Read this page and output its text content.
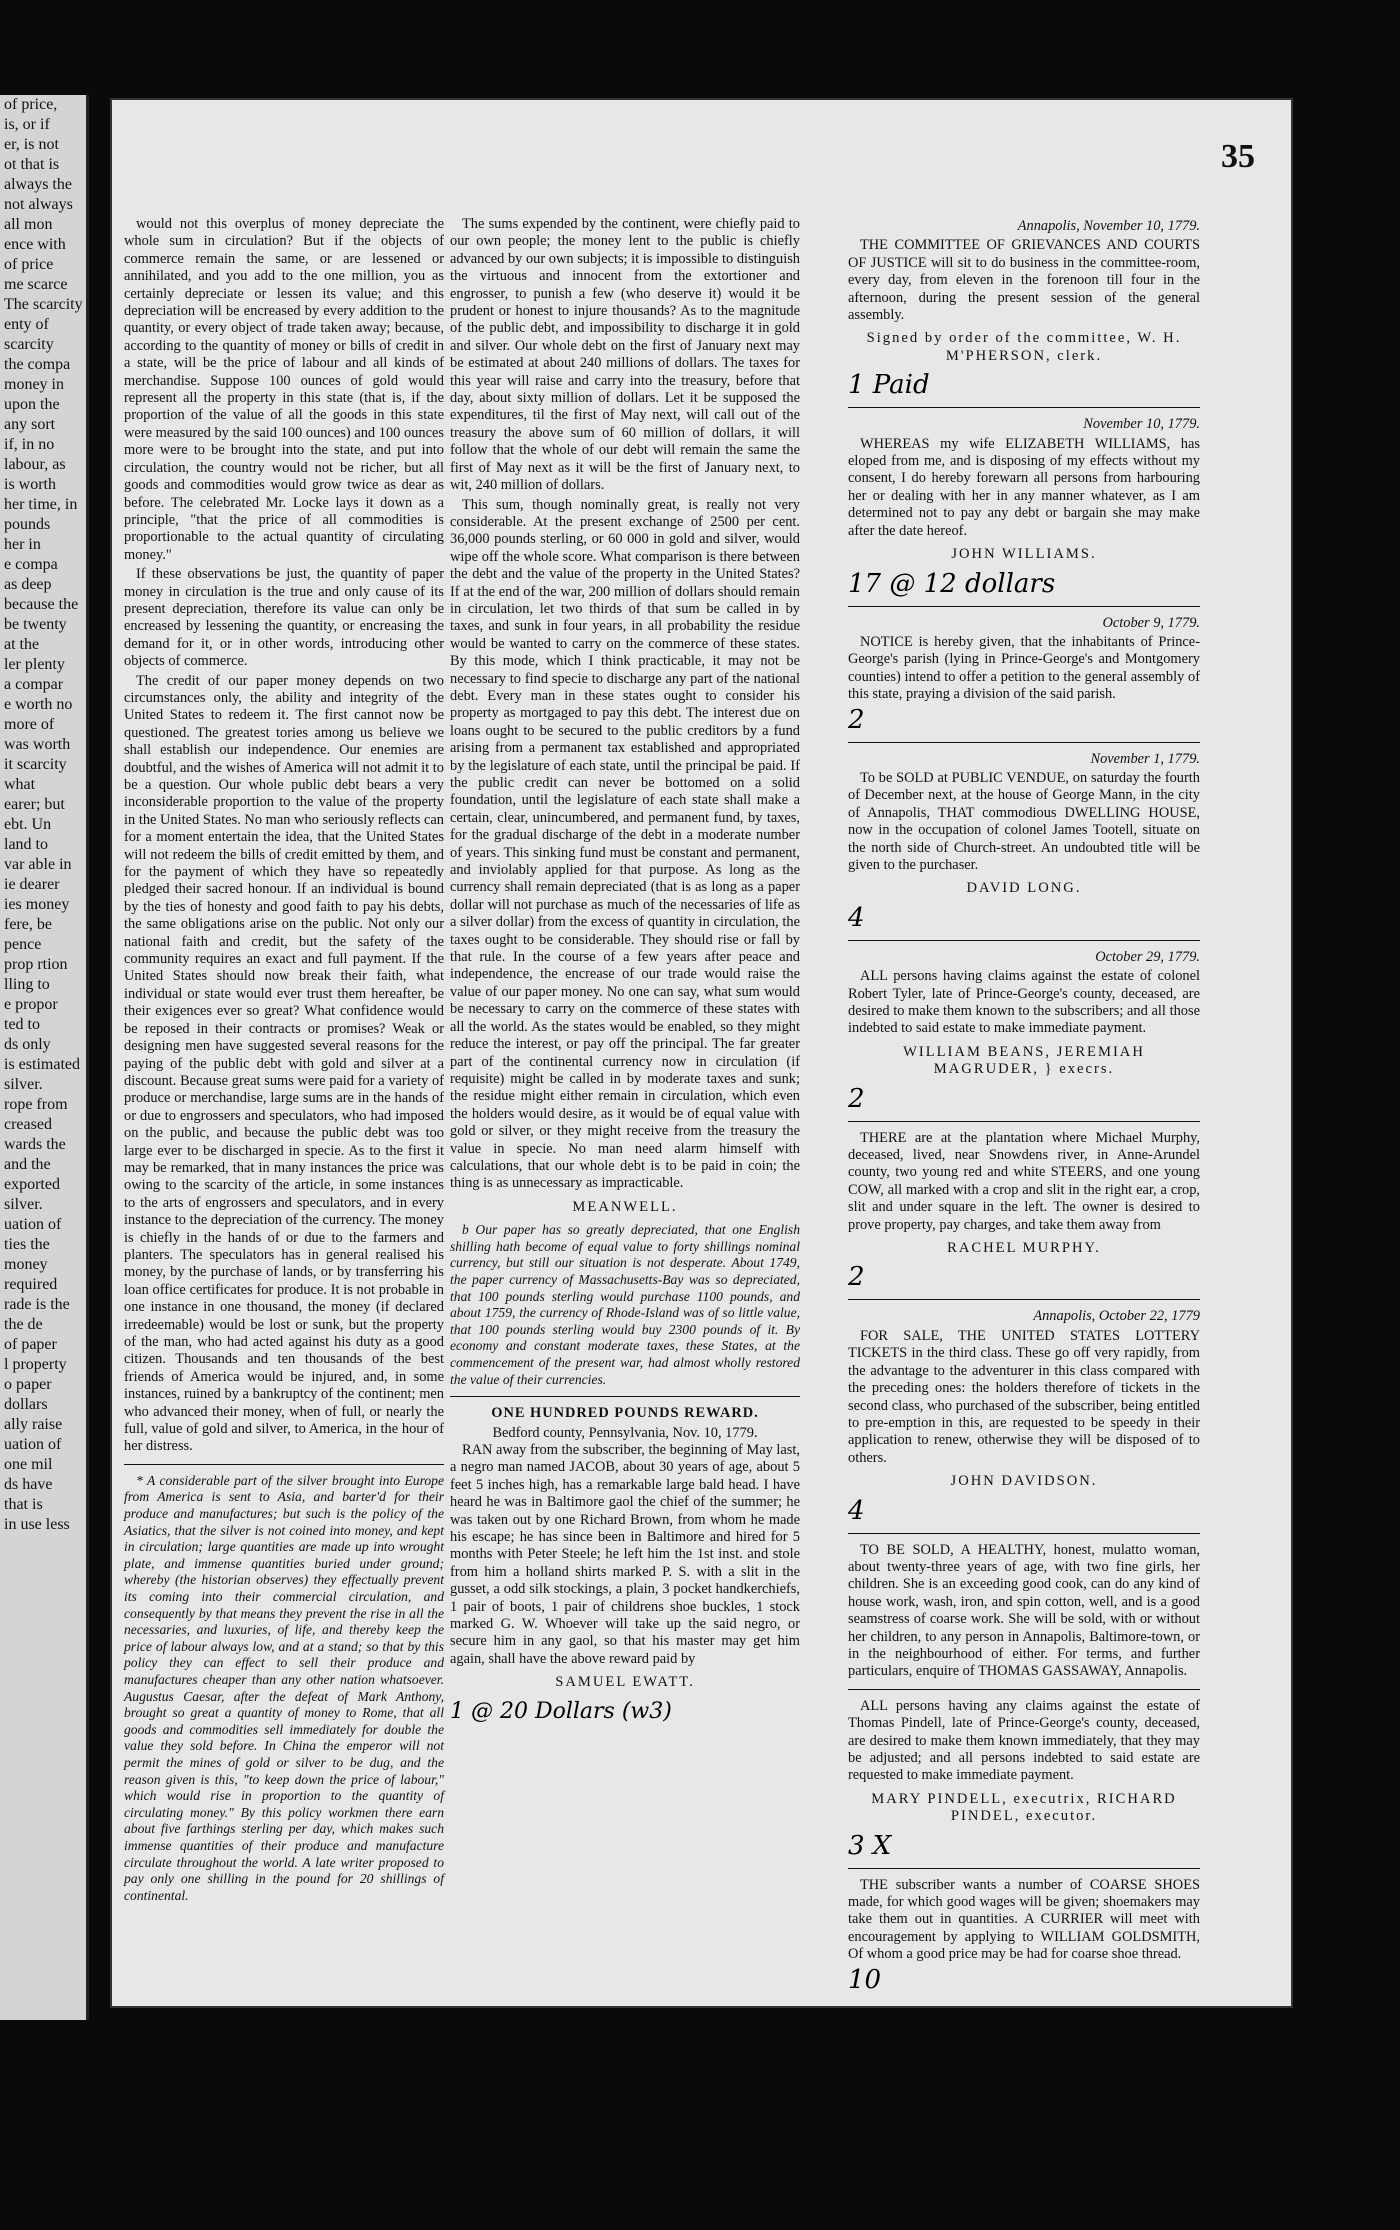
of price,
is, or if
er, is not
ot that is
always the
not always
all mon
ence with
of price
me scarce
The scarcity
enty of
scarcity
the compa
money in
upon the
any sort
if, in no
labour, as
is worth
her time, in
pounds
her in
e compa
as deep
because the
be twenty
at the
ler plenty
a compar
e worth no
more of
was worth
it scarcity
what
earer; but
ebt. Un
land to
var able in
ie dearer
ies money
fere, be
pence
prop rtion
lling to
e propor
ted to
ds only
is estimated
silver.
rope from
creased
wards the
and the
exported
silver.
uation of
ties the
money
required
rade is the
the de
of paper
l property
o paper
dollars
ally raise
uation of
one mil
ds have
that is
in use less
35

would not this overplus of money depreciate the whole sum in circulation? But if the objects of commerce remain the same, or are lessened or annihilated, and you add to the one million, you as certainly depreciate or lessen its value; and this depreciation will be encreased by every addition to the quantity, or every object of trade taken away; because, according to the quantity of money or bills of credit in a state, will be the price of labour and all kinds of merchandise. Suppose 100 ounces of gold would represent all the property in this state (that is, if the proportion of the value of all the goods in this state were measured by the said 100 ounces) and 100 ounces more were to be brought into the state, and put into circulation, the country would not be richer, but all goods and commodities would grow twice as dear as before. The celebrated Mr. Locke lays it down as a principle, "that the price of all commodities is proportionable to the actual quantity of circulating money."

If these observations be just, the quantity of paper money in circulation is the true and only cause of its present depreciation, therefore its value can only be encreased by lessening the quantity, or encreasing the demand for it, or in other words, introducing other objects of commerce.

The credit of our paper money depends on two circumstances only, the ability and integrity of the United States to redeem it. The first cannot now be questioned. The greatest tories among us believe we shall establish our independence. Our enemies are doubtful, and the wishes of America will not admit it to be a question. Our whole public debt bears a very inconsiderable proportion to the value of the property in the United States. No man who seriously reflects can for a moment entertain the idea, that the United States will not redeem the bills of credit emitted by them, and for the payment of which they have so repeatedly pledged their sacred honour. If an individual is bound by the ties of honesty and good faith to pay his debts, the same obligations arise on the public. Not only our national faith and credit, but the safety of the community requires an exact and full payment. If the United States should now break their faith, what individual or state would ever trust them hereafter, be their exigences ever so great? What confidence would be reposed in their contracts or promises? Weak or designing men have suggested several reasons for the paying of the public debt with gold and silver at a discount. Because great sums were paid for a variety of produce or merchandise, large sums are in the hands of or due to engrossers and speculators, who had imposed on the public, and because the public debt was too large ever to be discharged in specie. As to the first it may be remarked, that in many instances the price was owing to the scarcity of the article, in some instances to the arts of engrossers and speculators, and in every instance to the depreciation of the currency. The money is chiefly in the hands of or due to the farmers and planters. The speculators has in general realised his money, by the purchase of lands, or by transferring his loan office certificates for produce. It is not probable in one instance in one thousand, the money (if declared irredeemable) would be lost or sunk, but the property of the man, who had acted against his duty as a good citizen. Thousands and ten thousands of the best friends of America would be injured, and, in some instances, ruined by a bankruptcy of the continent; men who advanced their money, when of full, or nearly the full, value of gold and silver, to America, in the hour of her distress.

* A considerable part of the silver brought into Europe from America is sent to Asia, and barter'd for their produce and manufactures; but such is the policy of the Asiatics, that the silver is not coined into money, and kept in circulation; large quantities are made up into wrought plate, and immense quantities buried under ground; whereby (the historian observes) they effectually prevent its coming into their commercial circulation, and consequently by that means they prevent the rise in all the necessaries, and luxuries, of life, and thereby keep the price of labour always low, and at a stand; so that by this policy they can effect to sell their produce and manufactures cheaper than any other nation whatsoever. Augustus Caesar, after the defeat of Mark Anthony, brought so great a quantity of money to Rome, that all goods and commodities sell immediately for double the value they sold before. In China the emperor will not permit the mines of gold or silver to be dug, and the reason given is this, "to keep down the price of labour," which would rise in proportion to the quantity of circulating money." By this policy workmen there earn about five farthings sterling per day, which makes such immense quantities of their produce and manufacture circulate throughout the world. A late writer proposed to pay only one shilling in the pound for 20 shillings of continental.

The sums expended by the continent, were chiefly paid to our own people; the money lent to the public is chiefly advanced by our own subjects; it is impossible to distinguish the virtuous and innocent from the extortioner and engrosser, to punish a few (who deserve it) would it be prudent or honest to injure thousands? As to the magnitude of the public debt, and impossibility to discharge it in gold and silver. Our whole debt on the first of January next may be estimated at about 240 millions of dollars. The taxes for this year will raise and carry into the treasury, before that day, about sixty million of dollars. Let it be supposed the expenditures, til the first of May next, will call out of the treasury the above sum of 60 million of dollars, it will follow that the whole of our debt will remain the same the first of May next as it will be the first of January next, to wit, 240 million of dollars.

This sum, though nominally great, is really not very considerable. At the present exchange of 2500 per cent. 36,000 pounds sterling, or 60 000 in gold and silver, would wipe off the whole score. What comparison is there between the debt and the value of the property in the United States? If at the end of the war, 200 million of dollars should remain in circulation, let two thirds of that sum be called in by taxes, and sunk in four years, in all probability the residue would be wanted to carry on the commerce of these states. By this mode, which I think practicable, it may not be necessary to find specie to discharge any part of the national debt. Every man in these states ought to consider his property as mortgaged to pay this debt. The interest due on loans ought to be secured to the public creditors by a fund arising from a permanent tax established and appropriated by the legislature of each state, until the principal be paid. If the public credit can never be bottomed on a solid foundation, until the legislature of each state shall make a certain, clear, unincumbered, and permanent fund, by taxes, for the gradual discharge of the debt in a moderate number of years. This sinking fund must be constant and permanent, and inviolably applied for that purpose. As long as the currency shall remain depreciated (that is as long as a paper dollar will not purchase as much of the necessaries of life as a silver dollar) from the excess of quantity in circulation, the taxes ought to be considerable. They should rise or fall by that rule. In the course of a few years after peace and independence, the encrease of our trade would raise the value of our paper money. No one can say, what sum would be necessary to carry on the commerce of these states with all the world. As the states would be enabled, so they might reduce the interest, or pay off the principal. The far greater part of the continental currency now in circulation (if requisite) might be called in by moderate taxes and sunk; the residue might either remain in circulation, which even the holders would desire, as it would be of equal value with gold or silver, or they might receive from the treasury the value in specie. No man need alarm himself with calculations, that our whole debt is to be paid in coin; the thing is as unnecessary as impracticable.

MEANWELL.

b Our paper has so greatly depreciated, that one English shilling hath become of equal value to forty shillings nominal currency, but still our situation is not desperate. About 1749, the paper currency of Massachusetts-Bay was so depreciated, that 100 pounds sterling would purchase 1100 pounds, and about 1759, the currency of Rhode-Island was of so little value, that 100 pounds sterling would buy 2300 pounds of it. By economy and constant moderate taxes, these States, at the commencement of the present war, had almost wholly restored the value of their currencies.

ONE HUNDRED POUNDS REWARD.
Bedford county, Pennsylvania, Nov. 10, 1779.

RAN away from the subscriber, the beginning of May last, a negro man named JACOB, about 30 years of age, about 5 feet 5 inches high, has a remarkable large bald head. I have heard he was in Baltimore gaol the chief of the summer; he was taken out by one Richard Brown, from whom he made his escape; he has since been in Baltimore and hired for 5 months with Peter Steele; he left him the 1st inst. and stole from him a holland shirts marked P. S. with a slit in the gusset, a odd silk stockings, a plain, 3 pocket handkerchiefs, 1 pair of boots, 1 pair of childrens shoe buckles, 1 stock marked G. W. Whoever will take up the said negro, or secure him in any gaol, so that his master may get him again, shall have the above reward paid by

SAMUEL EWATT.
1 @ 20 Dollars (w3)
Annapolis, November 10, 1779.

THE COMMITTEE OF GRIEVANCES AND COURTS OF JUSTICE will sit to do business in the committee-room, every day, from eleven in the forenoon till four in the afternoon, during the present session of the general assembly.

Signed by order of the committee, W. H. M'PHERSON, clerk.
1 Paid
November 10, 1779.

WHEREAS my wife ELIZABETH WILLIAMS, has eloped from me, and is disposing of my effects without my consent, I do hereby forewarn all persons from harbouring her or dealing with her in any manner whatever, as I am determined not to pay any debt or bargain she may make after the date hereof.

JOHN WILLIAMS.
17 @ 12 dollars
October 9, 1779.

NOTICE is hereby given, that the inhabitants of Prince-George's parish (lying in Prince-George's and Montgomery counties) intend to offer a petition to the general assembly of this state, praying a division of the said parish.

2
November 1, 1779.

To be SOLD at PUBLIC VENDUE, on saturday the fourth of December next, at the house of George Mann, in the city of Annapolis, THAT commodious DWELLING HOUSE, now in the occupation of colonel James Tootell, situate on the north side of Church-street. An undoubted title will be given to the purchaser.

DAVID LONG.
4
October 29, 1779.

ALL persons having claims against the estate of colonel Robert Tyler, late of Prince-George's county, deceased, are desired to make them known to the subscribers; and all those indebted to said estate to make immediate payment.

WILLIAM BEANS, JEREMIAH MAGRUDER, } execrs.
2

THERE are at the plantation where Michael Murphy, deceased, lived, near Snowdens river, in Anne-Arundel county, two young red and white STEERS, and one young COW, all marked with a crop and slit in the right ear, a crop, slit and under square in the left. The owner is desired to prove property, pay charges, and take them away from

RACHEL MURPHY.
2
Annapolis, October 22, 1779

FOR SALE, THE UNITED STATES LOTTERY TICKETS in the third class. These go off very rapidly, from the advantage to the adventurer in this class compared with the preceding ones: the holders therefore of tickets in the second class, who purchased of the subscriber, being entitled to pre-emption in this, are requested to be speedy in their application to renew, otherwise they will be disposed of to others.

JOHN DAVIDSON.
4

TO BE SOLD, A HEALTHY, honest, mulatto woman, about twenty-three years of age, with two fine girls, her children. She is an exceeding good cook, can do any kind of house work, wash, iron, and spin cotton, well, and is a good seamstress of coarse work. She will be sold, with or without her children, to any person in Annapolis, Baltimore-town, or in the neighbourhood of either. For terms, and further particulars, enquire of THOMAS GASSAWAY, Annapolis.

ALL persons having any claims against the estate of Thomas Pindell, late of Prince-George's county, deceased, are desired to make them known immediately, that they may be adjusted; and all persons indebted to said estate are requested to make immediate payment.

MARY PINDELL, executrix, RICHARD PINDEL, executor.
3 X

THE subscriber wants a number of COARSE SHOES made, for which good wages will be given; shoemakers may take them out in quantities. A CURRIER will meet with encouragement by applying to WILLIAM GOLDSMITH, Of whom a good price may be had for coarse shoe thread.

10
